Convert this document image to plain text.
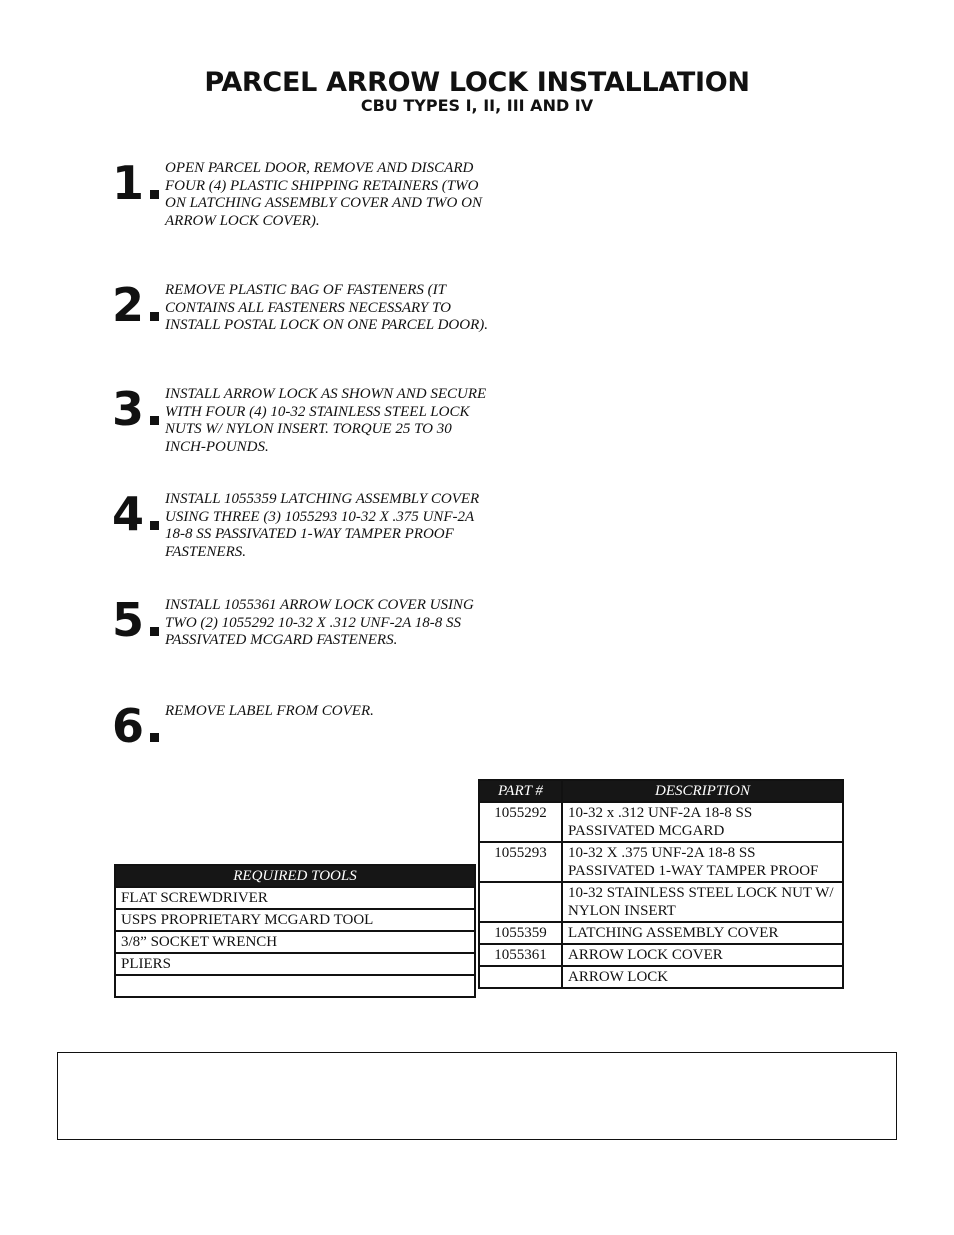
PARCEL ARROW LOCK INSTALLATION
CBU TYPES I, II, III AND IV
1	OPEN PARCEL DOOR, REMOVE AND DISCARD FOUR (4) PLASTIC SHIPPING RETAINERS (TWO ON LATCHING ASSEMBLY COVER AND TWO ON ARROW LOCK COVER).
2	REMOVE PLASTIC BAG OF FASTENERS (IT CONTAINS ALL FASTENERS NECESSARY TO INSTALL POSTAL LOCK ON ONE PARCEL DOOR).
3	INSTALL ARROW LOCK AS SHOWN AND SECURE WITH FOUR (4) 10-32 STAINLESS STEEL LOCK NUTS W/ NYLON INSERT. TORQUE 25 TO 30 INCH-POUNDS.
4	INSTALL 1055359 LATCHING ASSEMBLY COVER USING THREE (3) 1055293 10-32 X .375 UNF-2A 18-8 SS PASSIVATED 1-WAY TAMPER PROOF FASTENERS.
5	INSTALL 1055361 ARROW LOCK COVER USING TWO (2) 1055292 10-32 X .312 UNF-2A 18-8 SS PASSIVATED MCGARD FASTENERS.
6	REMOVE LABEL FROM COVER.
PART #	DESCRIPTION
1055292	10-32 x .312 UNF-2A 18-8 SS PASSIVATED MCGARD
1055293	10-32 X .375 UNF-2A 18-8 SS PASSIVATED 1-WAY TAMPER PROOF
	10-32 STAINLESS STEEL LOCK NUT W/ NYLON INSERT
1055359	LATCHING ASSEMBLY COVER
1055361	ARROW LOCK COVER
	ARROW LOCK
REQUIRED TOOLS
FLAT SCREWDRIVER
USPS PROPRIETARY MCGARD TOOL
3/8” SOCKET WRENCH
PLIERS
